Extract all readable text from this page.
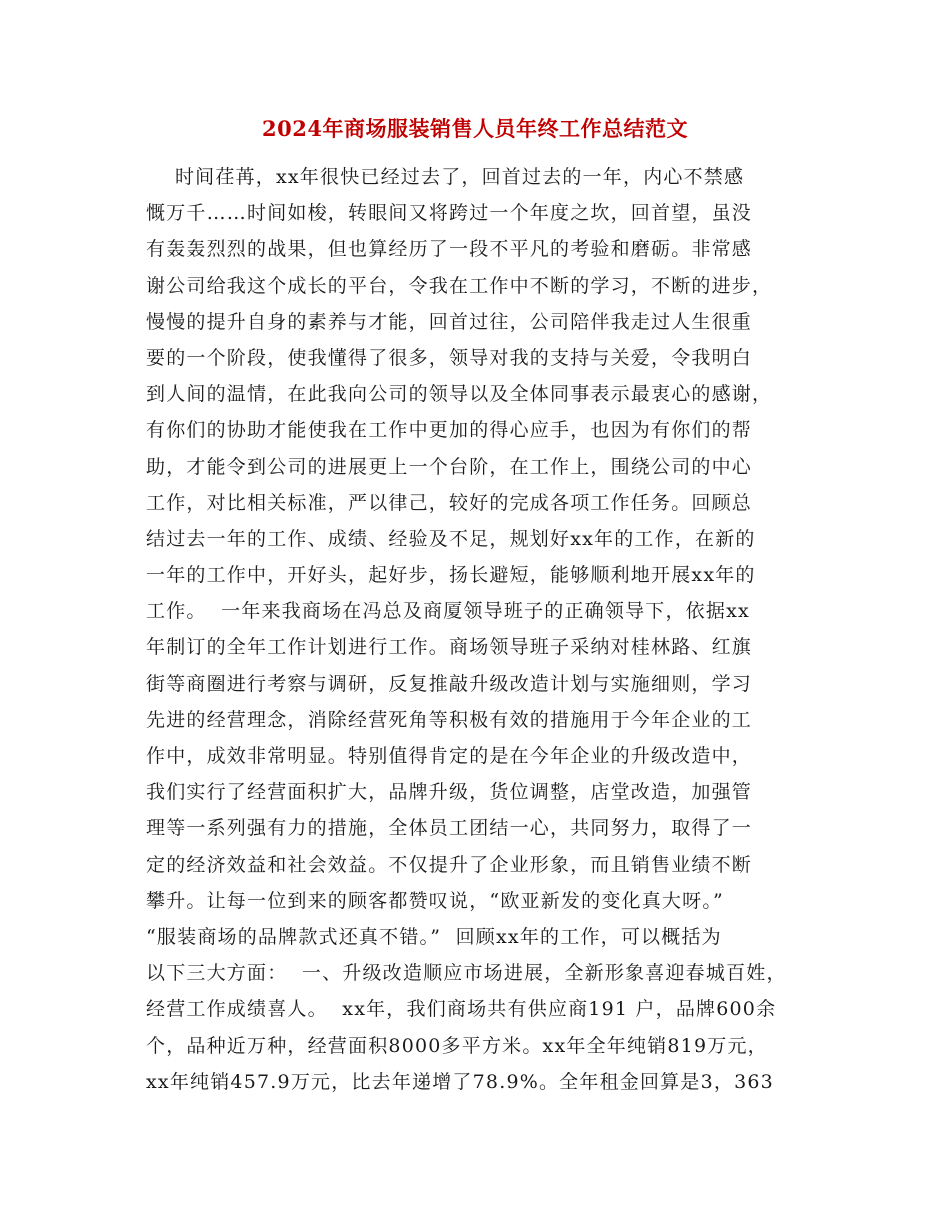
2024年商场服装销售人员年终工作总结范文
时间荏苒，xx年很快已经过去了，回首过去的一年，内心不禁感
慨万千……时间如梭，转眼间又将跨过一个年度之坎，回首望，虽没
有轰轰烈烈的战果，但也算经历了一段不平凡的考验和磨砺。非常感
谢公司给我这个成长的平台，令我在工作中不断的学习，不断的进步，
慢慢的提升自身的素养与才能，回首过往，公司陪伴我走过人生很重
要的一个阶段，使我懂得了很多，领导对我的支持与关爱，令我明白
到人间的温情，在此我向公司的领导以及全体同事表示最衷心的感谢，
有你们的协助才能使我在工作中更加的得心应手，也因为有你们的帮
助，才能令到公司的进展更上一个台阶，在工作上，围绕公司的中心
工作，对比相关标准，严以律己，较好的完成各项工作任务。回顾总
结过去一年的工作、成绩、经验及不足，规划好xx年的工作，在新的
一年的工作中，开好头，起好步，扬长避短，能够顺利地开展xx年的
工作。  一年来我商场在冯总及商厦领导班子的正确领导下，依据xx
年制订的全年工作计划进行工作。商场领导班子采纳对桂林路、红旗
街等商圈进行考察与调研，反复推敲升级改造计划与实施细则，学习
先进的经营理念，消除经营死角等积极有效的措施用于今年企业的工
作中，成效非常明显。特别值得肯定的是在今年企业的升级改造中，
我们实行了经营面积扩大，品牌升级，货位调整，店堂改造，加强管
理等一系列强有力的措施，全体员工团结一心，共同努力，取得了一
定的经济效益和社会效益。不仅提升了企业形象，而且销售业绩不断
攀升。让每一位到来的顾客都赞叹说，“欧亚新发的变化真大呀。”
“服装商场的品牌款式还真不错。”  回顾xx年的工作，可以概括为
以下三大方面：  一、升级改造顺应市场进展，全新形象喜迎春城百姓，
经营工作成绩喜人。  xx年，我们商场共有供应商191 户，品牌600余
个，品种近万种，经营面积8000多平方米。xx年全年纯销819万元，
xx年纯销457.9万元，比去年递增了78.9%。全年租金回算是3，363
